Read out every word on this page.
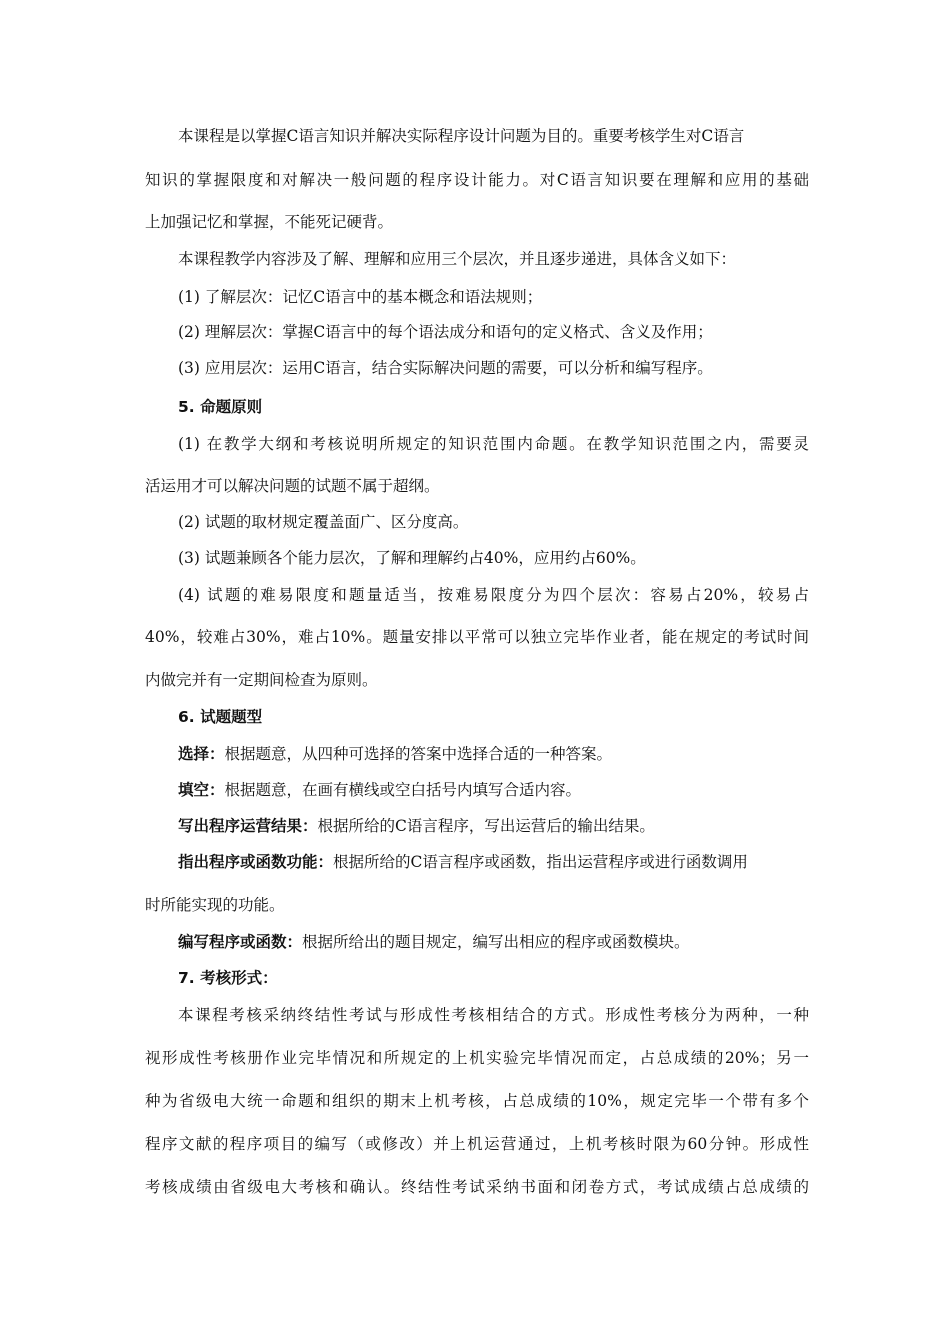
本课程是以掌握C语言知识并解决实际程序设计问题为目的。重要考核学生对C语言
知识的掌握限度和对解决一般问题的程序设计能力。对C语言知识要在理解和应用的基础
上加强记忆和掌握，不能死记硬背。
本课程教学内容涉及了解、理解和应用三个层次，并且逐步递进，具体含义如下：
(1) 了解层次：记忆C语言中的基本概念和语法规则；
(2) 理解层次：掌握C语言中的每个语法成分和语句的定义格式、含义及作用；
(3) 应用层次：运用C语言，结合实际解决问题的需要，可以分析和编写程序。
5. 命题原则
(1) 在教学大纲和考核说明所规定的知识范围内命题。在教学知识范围之内，需要灵
活运用才可以解决问题的试题不属于超纲。
(2) 试题的取材规定覆盖面广、区分度高。
(3) 试题兼顾各个能力层次，了解和理解约占40%，应用约占60%。
(4) 试题的难易限度和题量适当，按难易限度分为四个层次：容易占20%，较易占
40%，较难占30%，难占10%。题量安排以平常可以独立完毕作业者，能在规定的考试时间
内做完并有一定期间检查为原则。
6. 试题题型
选择：根据题意，从四种可选择的答案中选择合适的一种答案。
填空：根据题意，在画有横线或空白括号内填写合适内容。
写出程序运营结果：根据所给的C语言程序，写出运营后的输出结果。
指出程序或函数功能：根据所给的C语言程序或函数，指出运营程序或进行函数调用
时所能实现的功能。
编写程序或函数：根据所给出的题目规定，编写出相应的程序或函数模块。
7. 考核形式：
本课程考核采纳终结性考试与形成性考核相结合的方式。形成性考核分为两种，一种
视形成性考核册作业完毕情况和所规定的上机实验完毕情况而定，占总成绩的20%；另一
种为省级电大统一命题和组织的期末上机考核，占总成绩的10%，规定完毕一个带有多个
程序文献的程序项目的编写（或修改）并上机运营通过，上机考核时限为60分钟。形成性
考核成绩由省级电大考核和确认。终结性考试采纳书面和闭卷方式，考试成绩占总成绩的
